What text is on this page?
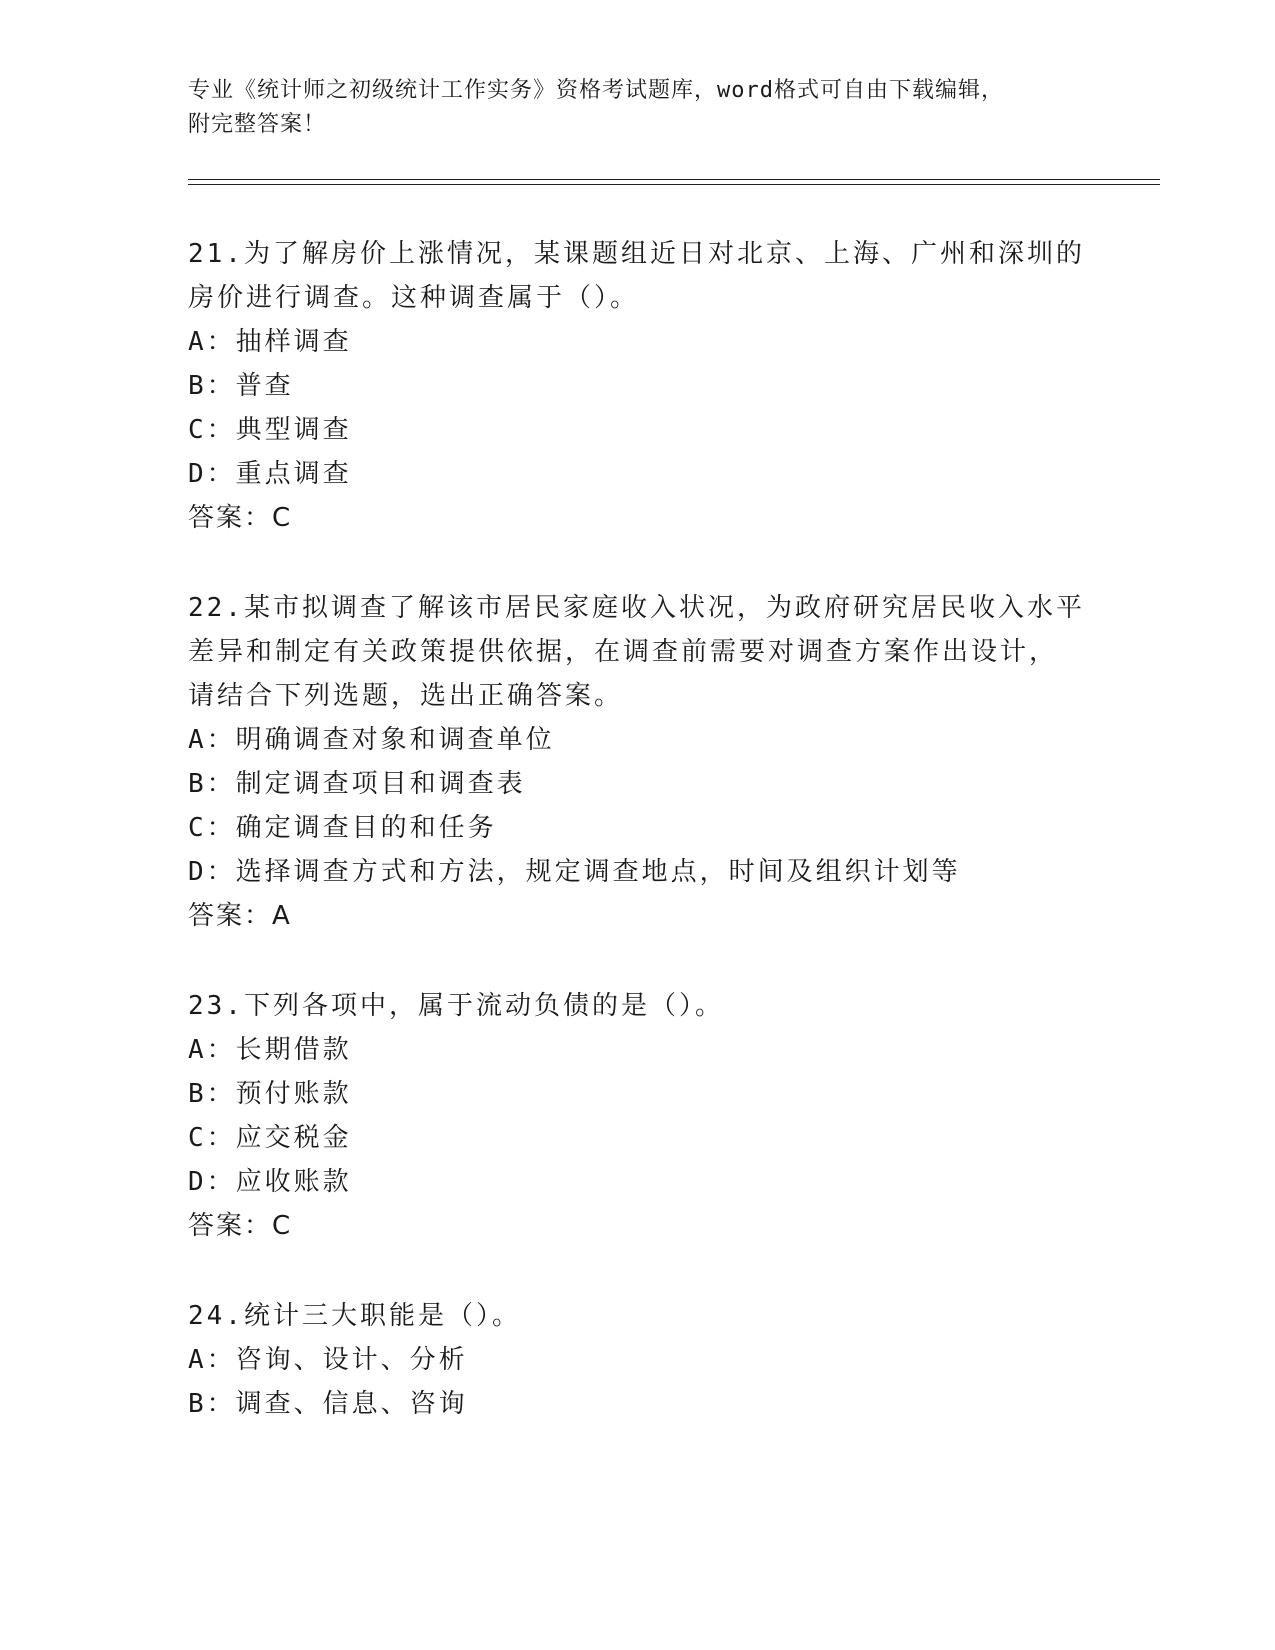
专业《统计师之初级统计工作实务》资格考试题库，word格式可自由下载编辑，
附完整答案！
21.为了解房价上涨情况，某课题组近日对北京、上海、广州和深圳的
房价进行调查。这种调查属于（）。
A：抽样调查
B：普查
C：典型调查
D：重点调查
答案：C
22.某市拟调查了解该市居民家庭收入状况，为政府研究居民收入水平
差异和制定有关政策提供依据，在调查前需要对调查方案作出设计，
请结合下列选题，选出正确答案。
A：明确调查对象和调查单位
B：制定调查项目和调查表
C：确定调查目的和任务
D：选择调查方式和方法，规定调查地点，时间及组织计划等
答案：A
23.下列各项中，属于流动负债的是（）。
A：长期借款
B：预付账款
C：应交税金
D：应收账款
答案：C
24.统计三大职能是（）。
A：咨询、设计、分析
B：调查、信息、咨询
